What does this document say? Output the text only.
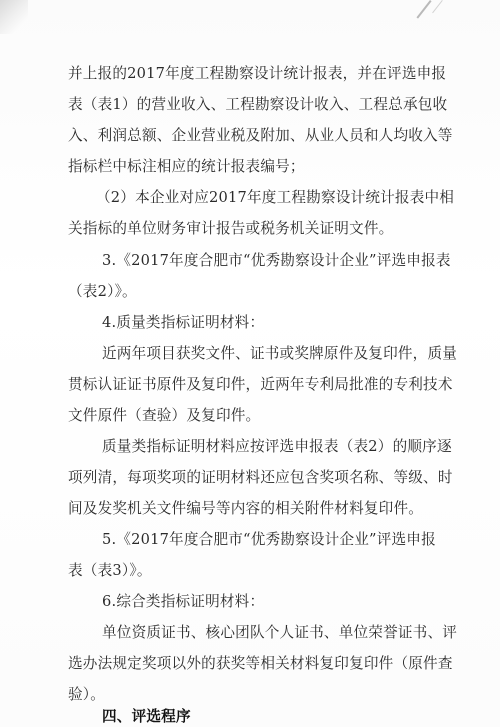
并上报的2017年度工程勘察设计统计报表，并在评选申报
表（表1）的营业收入、工程勘察设计收入、工程总承包收
入、利润总额、企业营业税及附加、从业人员和人均收入等
指标栏中标注相应的统计报表编号；
（2）本企业对应2017年度工程勘察设计统计报表中相
关指标的单位财务审计报告或税务机关证明文件。
3.《2017年度合肥市“优秀勘察设计企业”评选申报表
（表2）》。
4.质量类指标证明材料：
近两年项目获奖文件、证书或奖牌原件及复印件，质量
贯标认证证书原件及复印件，近两年专利局批准的专利技术
文件原件（查验）及复印件。
质量类指标证明材料应按评选申报表（表2）的顺序逐
项列清，每项奖项的证明材料还应包含奖项名称、等级、时
间及发奖机关文件编号等内容的相关附件材料复印件。
5.《2017年度合肥市“优秀勘察设计企业”评选申报
表（表3）》。
6.综合类指标证明材料：
单位资质证书、核心团队个人证书、单位荣誉证书、评
选办法规定奖项以外的获奖等相关材料复印复印件（原件查
验）。
四、评选程序
